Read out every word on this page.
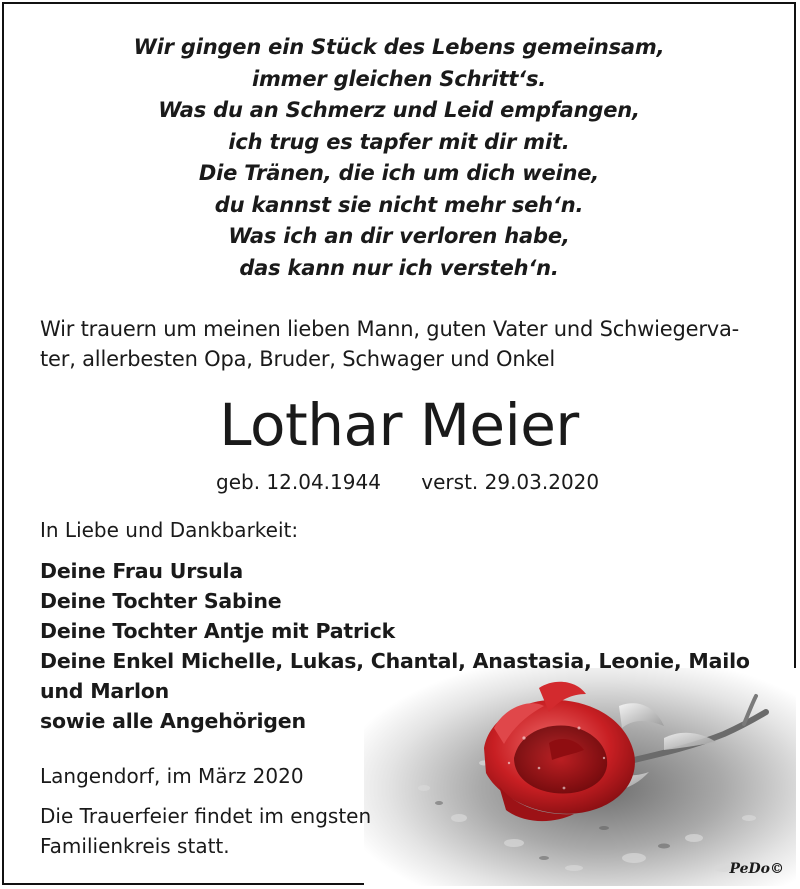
Wir gingen ein Stück des Lebens gemeinsam,
immer gleichen Schritt‘s.
Was du an Schmerz und Leid empfangen,
ich trug es tapfer mit dir mit.
Die Tränen, die ich um dich weine,
du kannst sie nicht mehr seh‘n.
Was ich an dir verloren habe,
das kann nur ich versteh‘n.
Wir trauern um meinen lieben Mann, guten Vater und Schwiegerva-
ter, allerbesten Opa, Bruder, Schwager und Onkel
Lothar Meier
geb. 12.04.1944 verst. 29.03.2020
In Liebe und Dankbarkeit:
Deine Frau Ursula
Deine Tochter Sabine
Deine Tochter Antje mit Patrick
Deine Enkel Michelle, Lukas, Chantal, Anastasia, Leonie, Mailo
und Marlon
sowie alle Angehörigen
Langendorf, im März 2020
Die Trauerfeier findet im engsten
Familienkreis statt.
PeDo©
